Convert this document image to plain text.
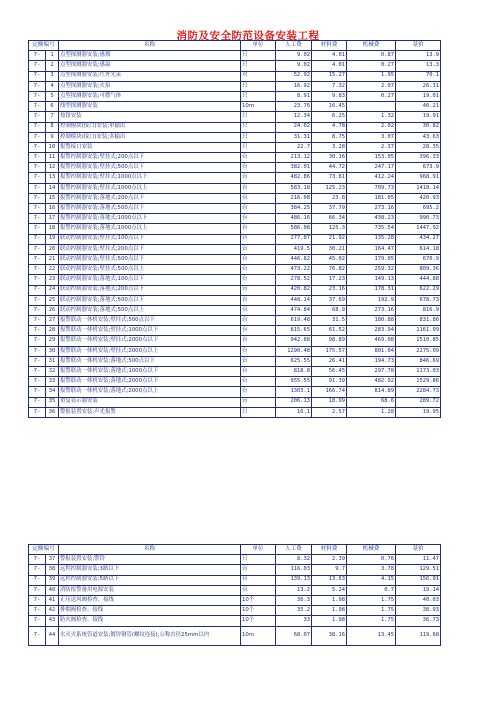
消防及安全防范设备安装工程
定额编号		名称	单位	人工费	材料费	机械费	基价
7-	1	点型探测器安装;感烟	只	9.02	4.01	0.87	13.9
7-	2	点型探测器安装;感温	只	9.02	4.01	0.27	13.3
7-	3	点型探测器安装;红外光束	对	52.92	15.27	1.95	70.1
7-	4	点型探测器安装;火焰	只	16.92	7.32	2.07	26.31
7-	5	点型探测器安装;可燃气体	只	8.91	9.83	0.27	19.01
7-	6	线型探测器安装	10m	23.76	16.45		40.21
7-	7	按钮安装	只	12.34	6.25	1.32	19.91
7-	8	控制模块(接口)安装;单输出	只	24.02	4.78	2.02	30.82
7-	9	控制模块(接口)安装;多输出	只	31.31	8.75	3.07	43.63
7-	10	报警接口安装	只	22.7	3.28	2.37	28.35
7-	11	报警控制器安装;壁挂式;200点以下	台	213.12	30.16	153.05	396.33
7-	12	报警控制器安装;壁挂式;500点以下	台	382.01	44.72	247.17	673.9
7-	13	报警控制器安装;壁挂式;1000点以下	台	482.86	73.81	412.24	968.91
7-	14	报警控制器安装;壁挂式;1000点以上	台	583.18	125.23	709.73	1418.14
7-	15	报警控制器安装;落地式;200点以下	台	216.08	23.8	181.05	420.93
7-	16	报警控制器安装;落地式;500点以下	台	384.25	37.79	273.16	695.2
7-	17	报警控制器安装;落地式;1000点以下	台	486.16	66.34	438.23	990.73
7-	18	报警控制器安装;落地式;1000点以上	台	586.08	125.3	735.54	1447.92
7-	19	联动控制器安装;壁挂式;100点以下	台	277.07	21.92	135.28	434.27
7-	20	联动控制器安装;壁挂式;200点以下	台	419.5	30.21	164.47	614.18
7-	21	联动控制器安装;壁挂式;500点以下	台	446.82	45.02	179.05	670.9
7-	22	联动控制器安装;壁挂式;500点以上	台	473.22	76.82	259.32	809.36
7-	23	联动控制器安装;落地式;100点以下	台	278.52	17.23	149.13	444.88
7-	24	联动控制器安装;落地式;200点以下	台	420.82	23.16	178.31	622.29
7-	25	联动控制器安装;落地式;500点以下	台	448.14	37.69	192.9	678.73
7-	26	联动控制器安装;落地式;500点以上	台	474.84	68.9	273.16	816.9
7-	27	报警联动一体机安装;壁挂式;500点以下	台	619.48	31.5	180.88	831.86
7-	28	报警联动一体机安装;壁挂式;1000点以下	台	815.65	61.52	283.94	1161.09
7-	29	报警联动一体机安装;壁挂式;2000点以下	台	942.88	98.89	469.08	1510.85
7-	30	报警联动一体机安装;壁挂式;2000点以上	台	1290.48	175.57	801.04	2275.09
7-	31	报警联动一体机安装;落地式;500点以下	台	625.55	26.41	194.73	846.69
7-	32	报警联动一体机安装;落地式;1000点以下	台	818.8	56.45	297.78	1173.03
7-	33	报警联动一体机安装;落地式;2000点以下	台	955.55	91.39	482.92	1529.86
7-	34	报警联动一体机安装;落地式;2000点以上	台	1303.1	166.74	814.89	2284.73
7-	35	重复显示器安装	台	206.13	18.99	68.6	289.72
7-	36	警报装置安装;声光报警	只	16.1	2.57	1.28	19.95
定额编号		名称	单位	人工费	材料费	机械费	基价
7-	37	警报装置安装;警铃	只	8.32	2.39	0.76	11.47
7-	38	远程控制器安装;3路以下	台	116.03	9.7	3.78	129.51
7-	39	远程控制器安装;5路以下	台	139.13	13.63	4.15	156.91
7-	40	消防报警备用电源安装	台	13.2	5.24	0.7	19.14
7-	41	正压送风阀检查、接线	10个	36.3	1.98	1.75	40.03
7-	42	排烟阀检查、接线	10个	35.2	1.98	1.75	38.93
7-	43	防火阀检查、接线	10个	33	1.98	1.75	36.73
7-	44	水灭火系统管道安装;镀锌钢管(螺纹连接);公称直径25mm以内	10m	68.07	38.16	13.45	119.68
